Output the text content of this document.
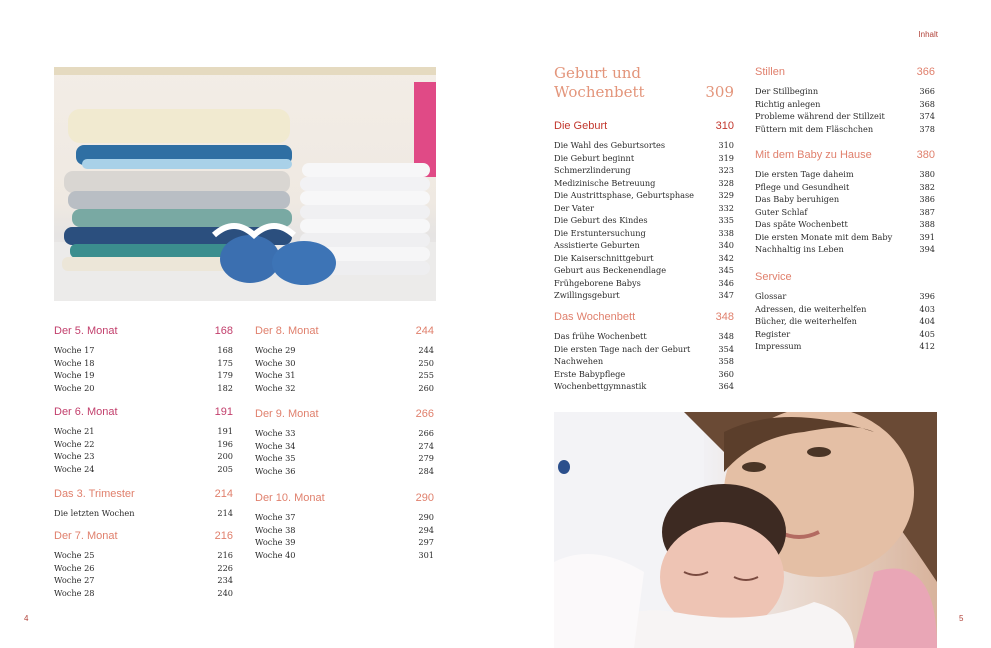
Inhalt
Der 5. Monat	168
Woche 17	168
Woche 18	175
Woche 19	179
Woche 20	182
Der 6. Monat	191
Woche 21	191
Woche 22	196
Woche 23	200
Woche 24	205
Das 3. Trimester	214
Die letzten Wochen	214
Der 7. Monat	216
Woche 25	216
Woche 26	226
Woche 27	234
Woche 28	240
Der 8. Monat	244
Woche 29	244
Woche 30	250
Woche 31	255
Woche 32	260
Der 9. Monat	266
Woche 33	266
Woche 34	274
Woche 35	279
Woche 36	284
Der 10. Monat	290
Woche 37	290
Woche 38	294
Woche 39	297
Woche 40	301
Geburt und
Wochenbett	309
Die Geburt	310
Die Wahl des Geburtsortes	310
Die Geburt beginnt	319
Schmerzlinderung	323
Medizinische Betreuung	328
Die Austrittsphase, Geburtsphase	329
Der Vater	332
Die Geburt des Kindes	335
Die Erstuntersuchung	338
Assistierte Geburten	340
Die Kaiserschnittgeburt	342
Geburt aus Beckenendlage	345
Frühgeborene Babys	346
Zwillingsgeburt	347
Das Wochenbett	348
Das frühe Wochenbett	348
Die ersten Tage nach der Geburt	354
Nachwehen	358
Erste Babypflege	360
Wochenbettgymnastik	364
Stillen	366
Der Stillbeginn	366
Richtig anlegen	368
Probleme während der Stillzeit	374
Füttern mit dem Fläschchen	378
Mit dem Baby zu Hause	380
Die ersten Tage daheim	380
Pflege und Gesundheit	382
Das Baby beruhigen	386
Guter Schlaf	387
Das späte Wochenbett	388
Die ersten Monate mit dem Baby	391
Nachhaltig ins Leben	394
Service
Glossar	396
Adressen, die weiterhelfen	403
Bücher, die weiterhelfen	404
Register	405
Impressum	412
4	5
